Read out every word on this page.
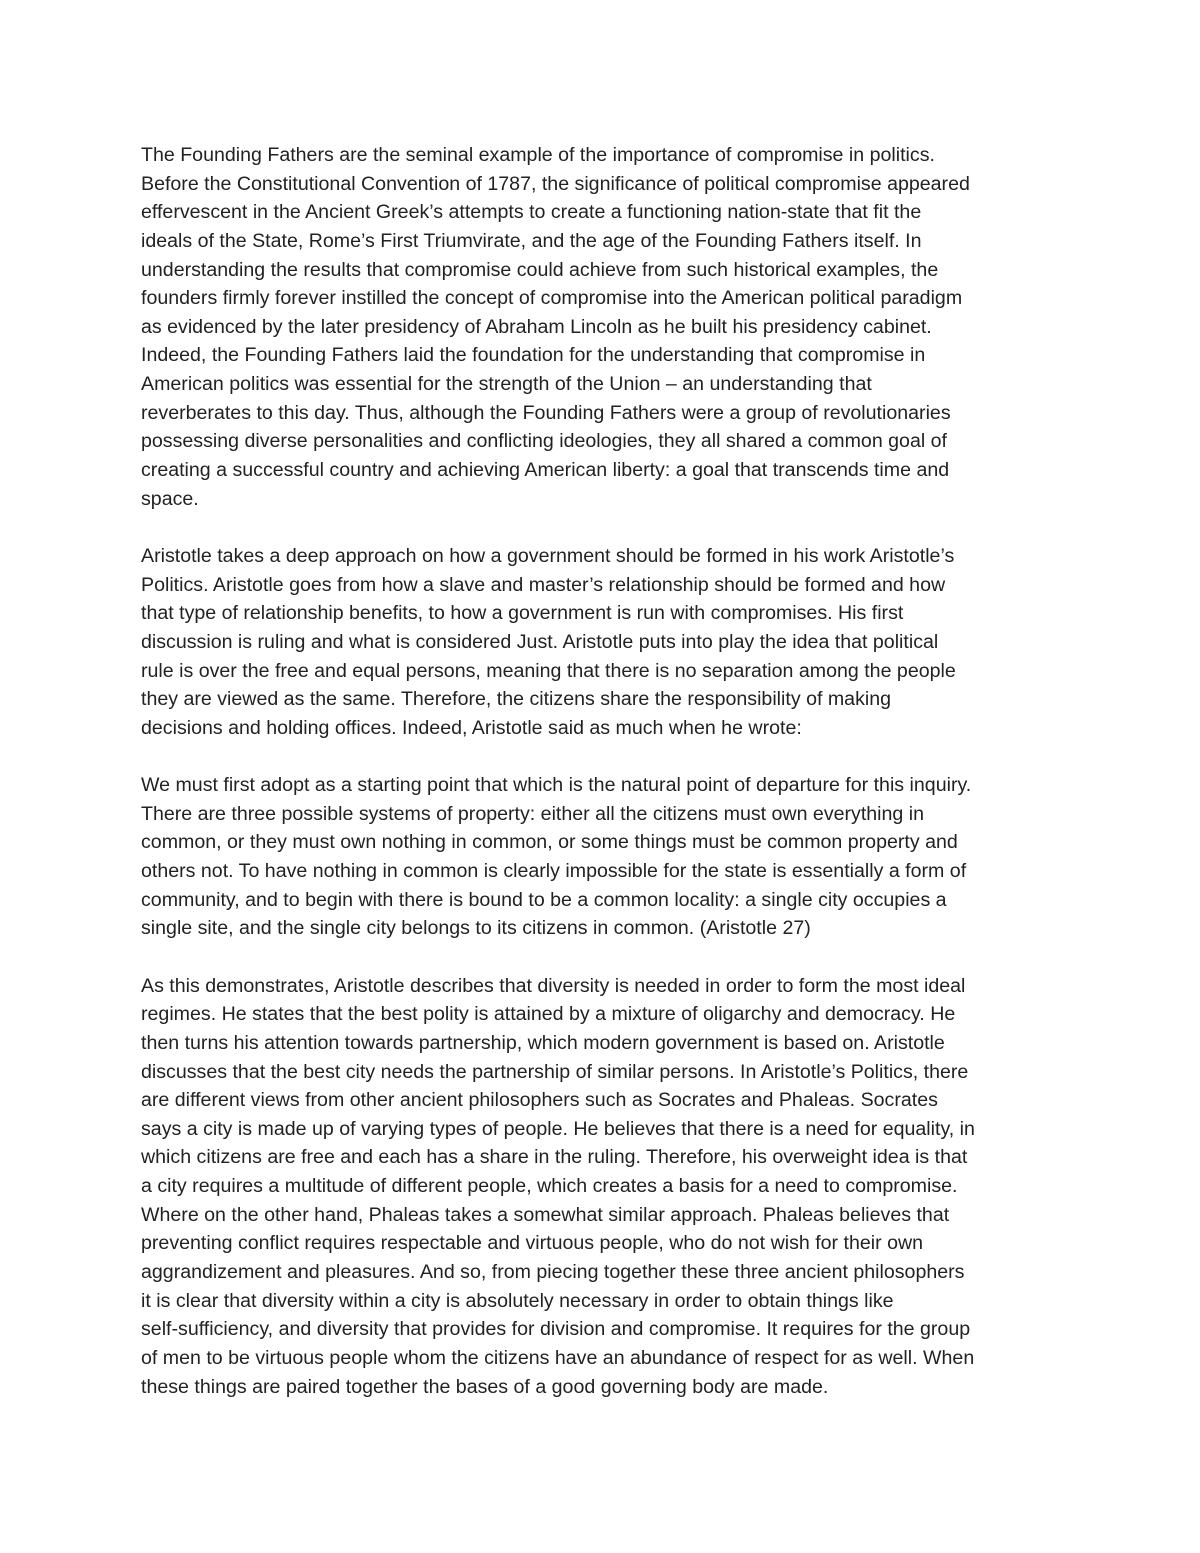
The Founding Fathers are the seminal example of the importance of compromise in politics.
Before the Constitutional Convention of 1787, the significance of political compromise appeared
effervescent in the Ancient Greek’s attempts to create a functioning nation-state that fit the
ideals of the State, Rome’s First Triumvirate, and the age of the Founding Fathers itself. In
understanding the results that compromise could achieve from such historical examples, the
founders firmly forever instilled the concept of compromise into the American political paradigm
as evidenced by the later presidency of Abraham Lincoln as he built his presidency cabinet.
Indeed, the Founding Fathers laid the foundation for the understanding that compromise in
American politics was essential for the strength of the Union – an understanding that
reverberates to this day. Thus, although the Founding Fathers were a group of revolutionaries
possessing diverse personalities and conflicting ideologies, they all shared a common goal of
creating a successful country and achieving American liberty: a goal that transcends time and
space.
Aristotle takes a deep approach on how a government should be formed in his work Aristotle’s
Politics. Aristotle goes from how a slave and master’s relationship should be formed and how
that type of relationship benefits, to how a government is run with compromises. His first
discussion is ruling and what is considered Just. Aristotle puts into play the idea that political
rule is over the free and equal persons, meaning that there is no separation among the people
they are viewed as the same. Therefore, the citizens share the responsibility of making
decisions and holding offices. Indeed, Aristotle said as much when he wrote:
We must first adopt as a starting point that which is the natural point of departure for this inquiry.
There are three possible systems of property: either all the citizens must own everything in
common, or they must own nothing in common, or some things must be common property and
others not. To have nothing in common is clearly impossible for the state is essentially a form of
community, and to begin with there is bound to be a common locality: a single city occupies a
single site, and the single city belongs to its citizens in common. (Aristotle 27)
As this demonstrates, Aristotle describes that diversity is needed in order to form the most ideal
regimes. He states that the best polity is attained by a mixture of oligarchy and democracy. He
then turns his attention towards partnership, which modern government is based on. Aristotle
discusses that the best city needs the partnership of similar persons. In Aristotle’s Politics, there
are different views from other ancient philosophers such as Socrates and Phaleas. Socrates
says a city is made up of varying types of people. He believes that there is a need for equality, in
which citizens are free and each has a share in the ruling. Therefore, his overweight idea is that
a city requires a multitude of different people, which creates a basis for a need to compromise.
Where on the other hand, Phaleas takes a somewhat similar approach. Phaleas believes that
preventing conflict requires respectable and virtuous people, who do not wish for their own
aggrandizement and pleasures. And so, from piecing together these three ancient philosophers
it is clear that diversity within a city is absolutely necessary in order to obtain things like
self-sufficiency, and diversity that provides for division and compromise. It requires for the group
of men to be virtuous people whom the citizens have an abundance of respect for as well. When
these things are paired together the bases of a good governing body are made.
